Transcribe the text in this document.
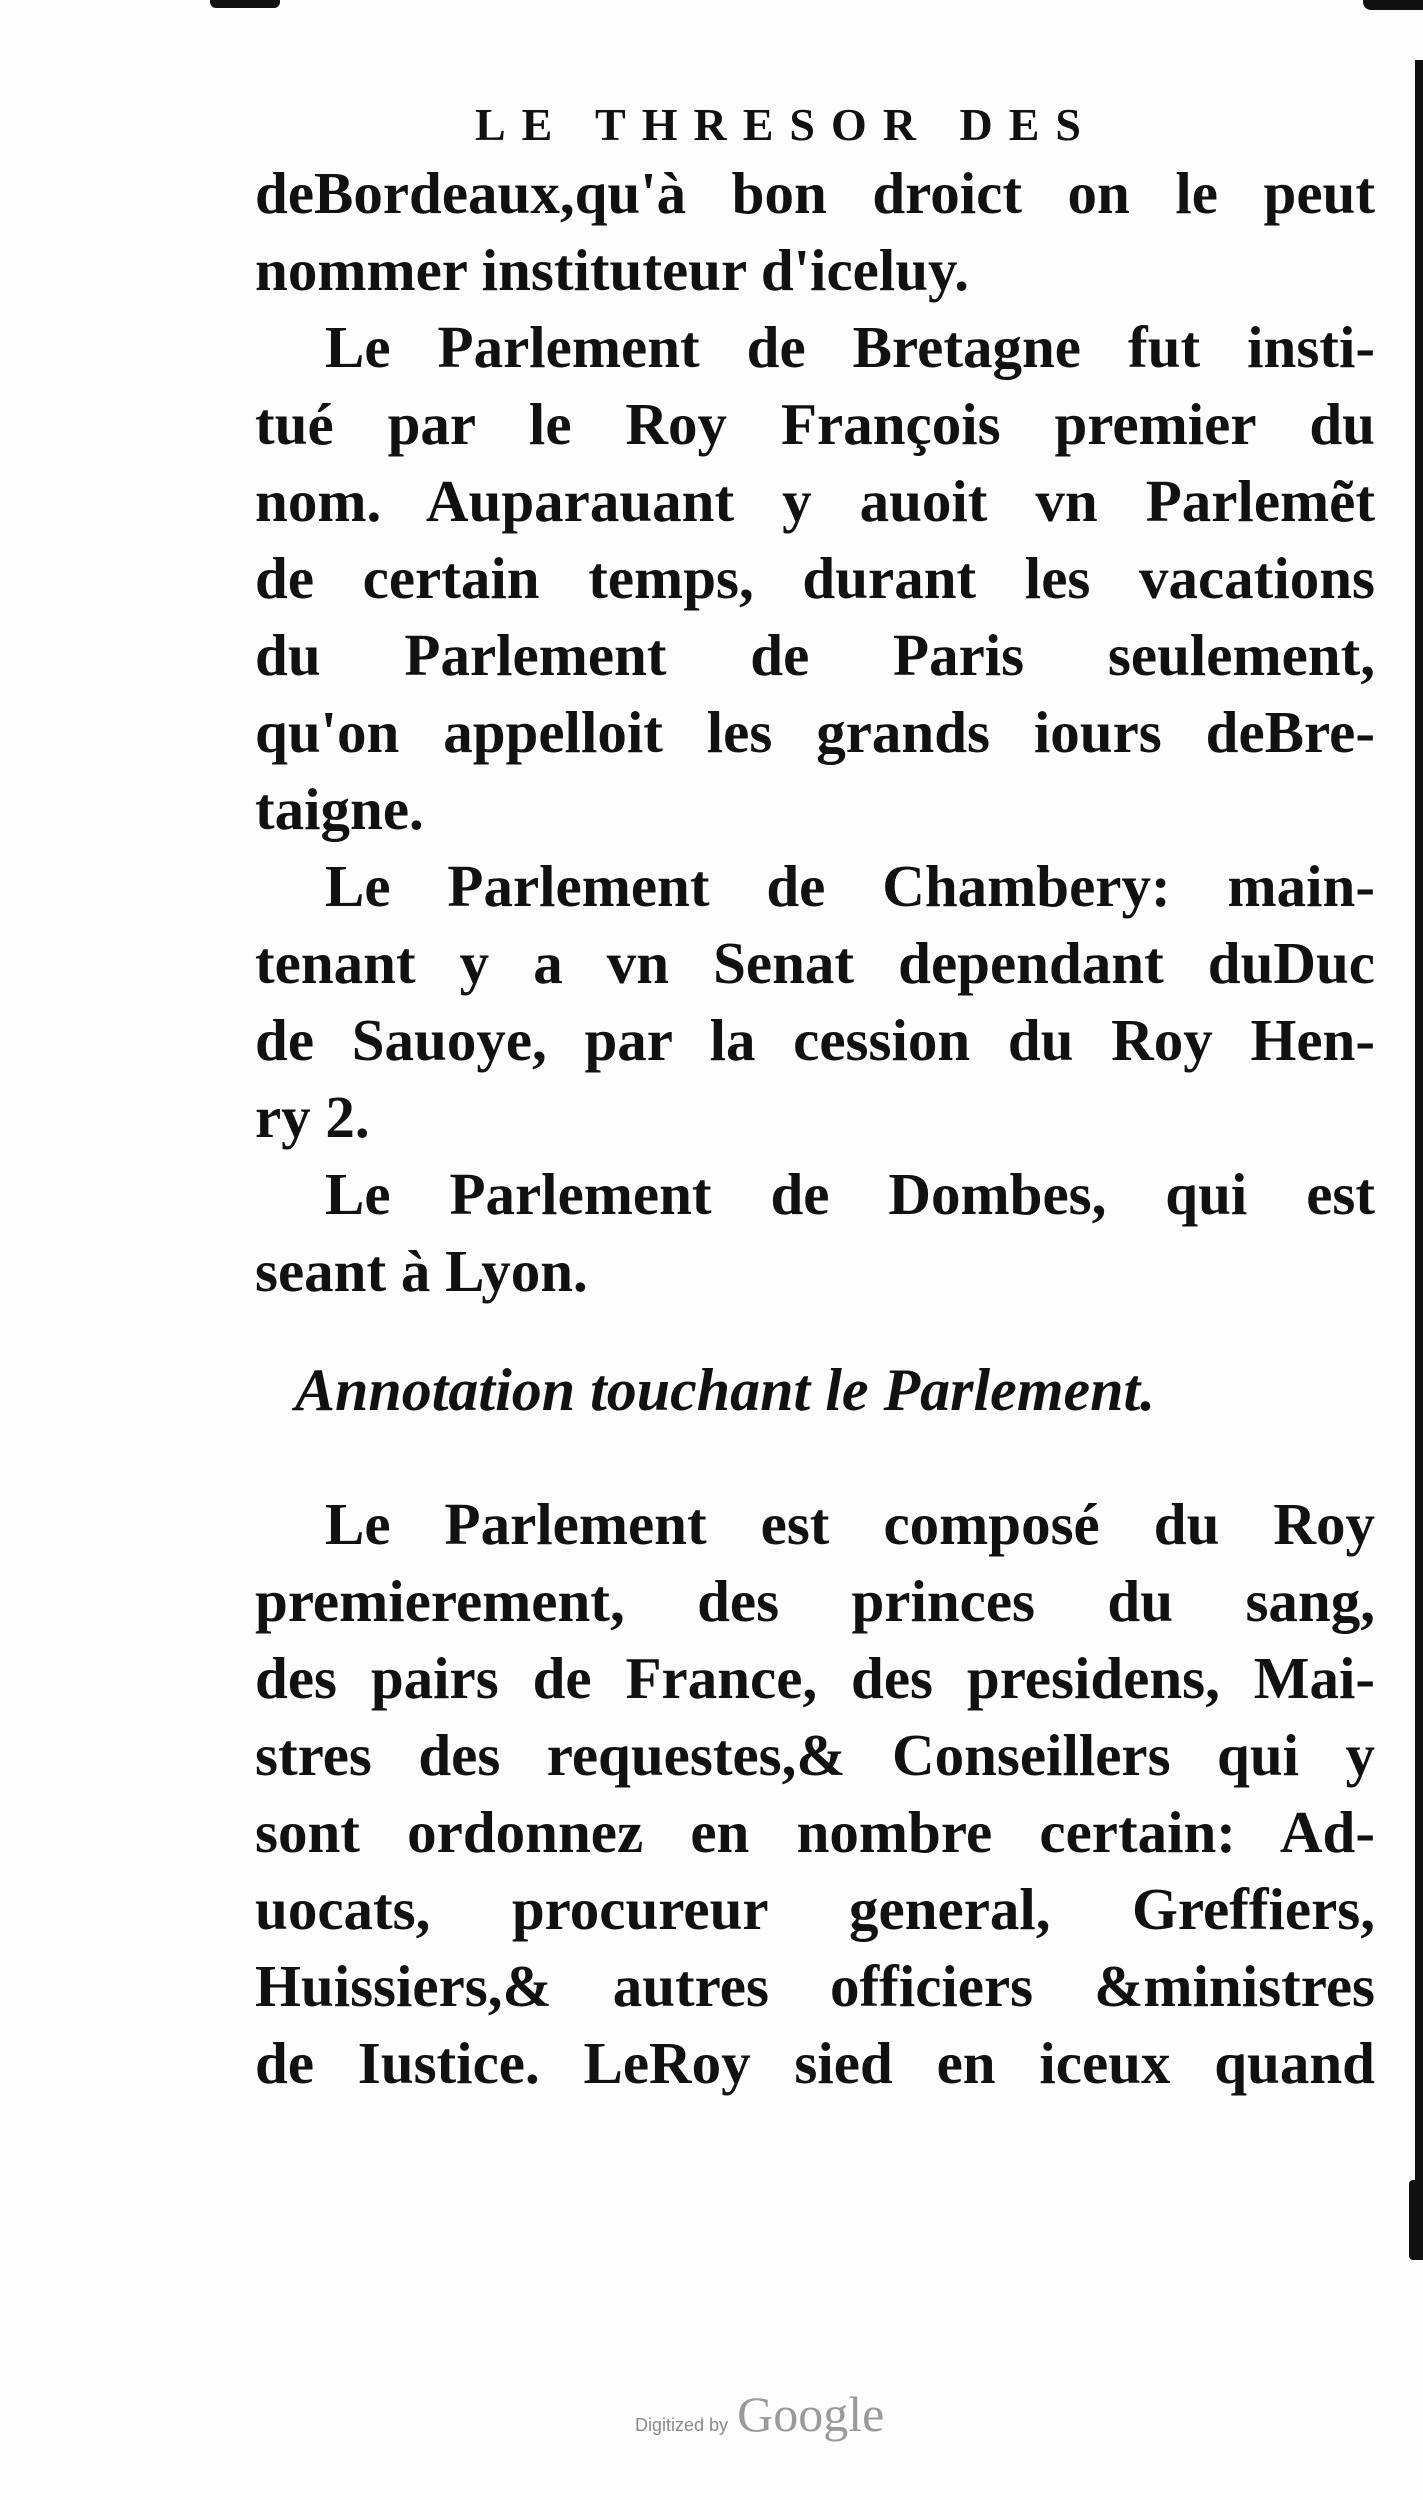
LE THRESOR DES
deBordeaux,qu'à bon droict on le peut
nommer instituteur d'iceluy.
Le Parlement de Bretagne fut insti-
tué par le Roy François premier du
nom. Auparauant y auoit vn Parlemẽt
de certain temps, durant les vacations
du Parlement de Paris seulement,
qu'on appelloit les grands iours deBre-
taigne.
Le Parlement de Chambery: main-
tenant y a vn Senat dependant duDuc
de Sauoye, par la cession du Roy Hen-
ry 2.
Le Parlement de Dombes, qui est
seant à Lyon.
Annotation touchant le Parlement.
Le Parlement est composé du Roy
premierement, des princes du sang,
des pairs de France, des presidens, Mai-
stres des requestes,& Conseillers qui y
sont ordonnez en nombre certain: Ad-
uocats, procureur general, Greffiers,
Huissiers,& autres officiers &ministres
de Iustice. LeRoy sied en iceux quand
Digitized by Google
